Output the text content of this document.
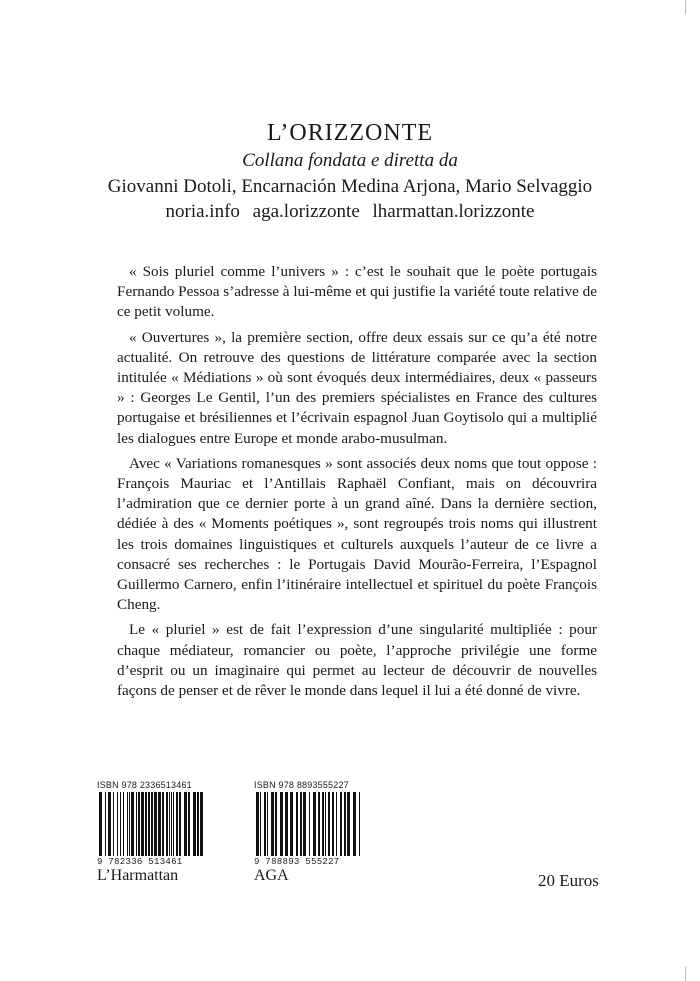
L’ORIZZONTE
Collana fondata e diretta da
Giovanni Dotoli, Encarnación Medina Arjona, Mario Selvaggio
noria.info aga.lorizzonte lharmattan.lorizzonte

« Sois pluriel comme l’univers » : c’est le souhait que le poète portugais Fernando Pessoa s’adresse à lui-même et qui justifie la variété toute relative de ce petit volume.

« Ouvertures », la première section, offre deux essais sur ce qu’a été notre actualité. On retrouve des questions de littérature comparée avec la section intitulée « Médiations » où sont évoqués deux intermédiaires, deux « passeurs » : Georges Le Gentil, l’un des premiers spécialistes en France des cultures portugaise et brésiliennes et l’écrivain espagnol Juan Goytisolo qui a multiplié les dialogues entre Europe et monde arabo-musulman.

Avec « Variations romanesques » sont associés deux noms que tout oppose : François Mauriac et l’Antillais Raphaël Confiant, mais on découvrira l’admiration que ce dernier porte à un grand aîné. Dans la dernière section, dédiée à des « Moments poétiques », sont regroupés trois noms qui illustrent les trois domaines linguistiques et culturels auxquels l’auteur de ce livre a consacré ses recherches : le Portugais David Mourão-Ferreira, l’Espagnol Guillermo Carnero, enfin l’itinéraire intellectuel et spirituel du poète François Cheng.

Le « pluriel » est de fait l’expression d’une singularité multipliée : pour chaque médiateur, romancier ou poète, l’approche privilégie une forme d’esprit ou un imaginaire qui permet au lecteur de découvrir de nouvelles façons de penser et de rêver le monde dans lequel il lui a été donné de vivre.

ISBN 978 2336513461
9 782336 513461
L’Harmattan
ISBN 978 8893555227
9 788893 555227
AGA	20 Euros
